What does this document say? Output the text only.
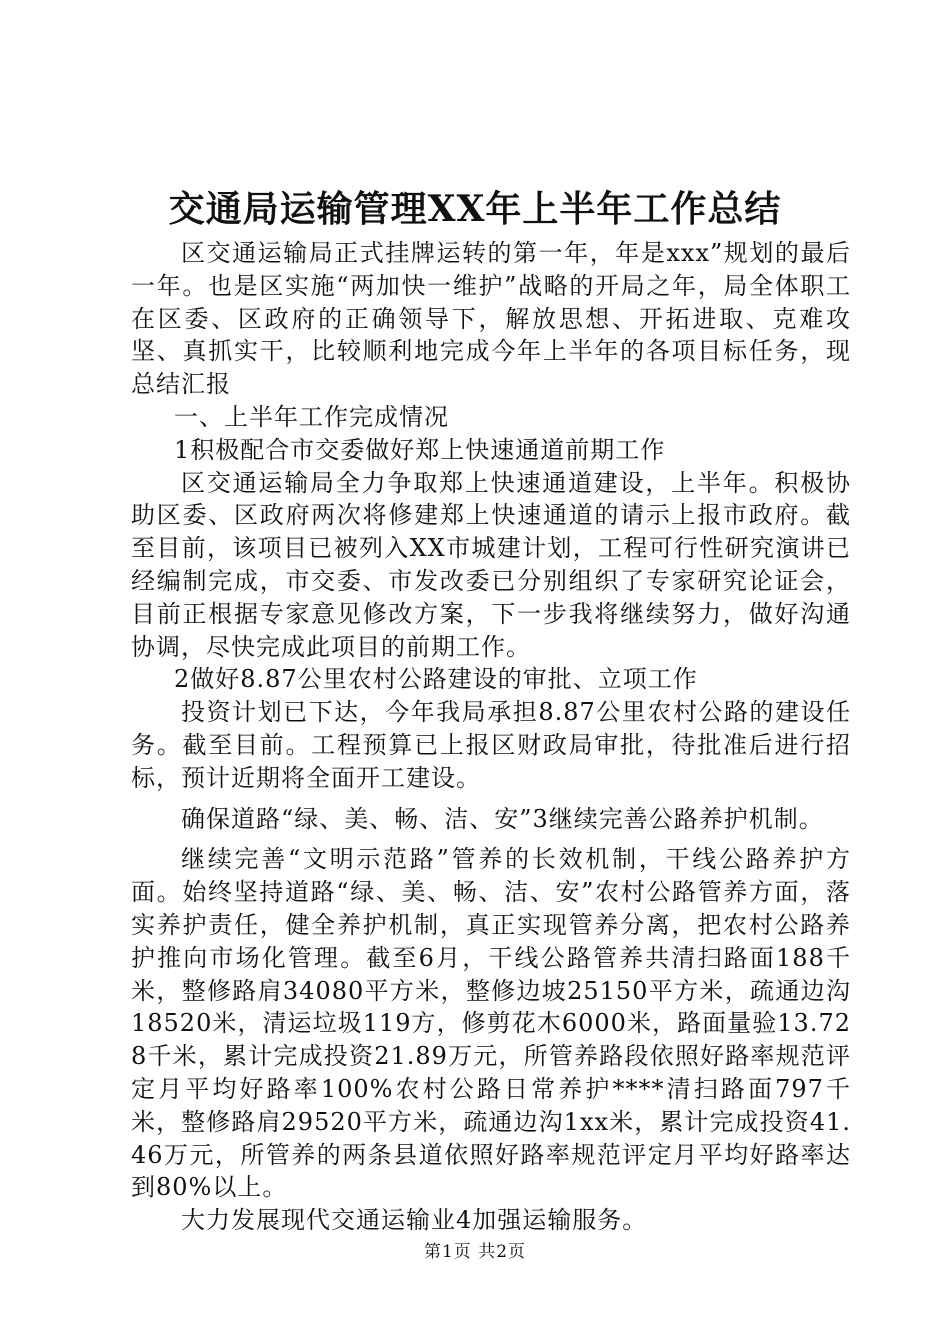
交通局运输管理XX年上半年工作总结

区交通运输局正式挂牌运转的第一年，年是xxx”规划的最后一年。也是区实施“两加快一维护”战略的开局之年，局全体职工在区委、区政府的正确领导下，解放思想、开拓进取、克难攻坚、真抓实干，比较顺利地完成今年上半年的各项目标任务，现总结汇报

一、上半年工作完成情况

1积极配合市交委做好郑上快速通道前期工作

区交通运输局全力争取郑上快速通道建设，上半年。积极协助区委、区政府两次将修建郑上快速通道的请示上报市政府。截至目前，该项目已被列入XX市城建计划，工程可行性研究演讲已经编制完成，市交委、市发改委已分别组织了专家研究论证会，目前正根据专家意见修改方案，下一步我将继续努力，做好沟通协调，尽快完成此项目的前期工作。

2做好8.87公里农村公路建设的审批、立项工作

投资计划已下达，今年我局承担8.87公里农村公路的建设任务。截至目前。工程预算已上报区财政局审批，待批准后进行招标，预计近期将全面开工建设。

确保道路“绿、美、畅、洁、安”3继续完善公路养护机制。

继续完善“文明示范路”管养的长效机制，干线公路养护方面。始终坚持道路“绿、美、畅、洁、安”农村公路管养方面，落实养护责任，健全养护机制，真正实现管养分离，把农村公路养护推向市场化管理。截至6月，干线公路管养共清扫路面188千米，整修路肩34080平方米，整修边坡25150平方米，疏通边沟18520米，清运垃圾119方，修剪花木6000米，路面量验13.728千米，累计完成投资21.89万元，所管养路段依照好路率规范评定月平均好路率100%农村公路日常养护****清扫路面797千米，整修路肩29520平方米，疏通边沟1xx米，累计完成投资41.46万元，所管养的两条县道依照好路率规范评定月平均好路率达到80%以上。

大力发展现代交通运输业4加强运输服务。

第1页 共2页
